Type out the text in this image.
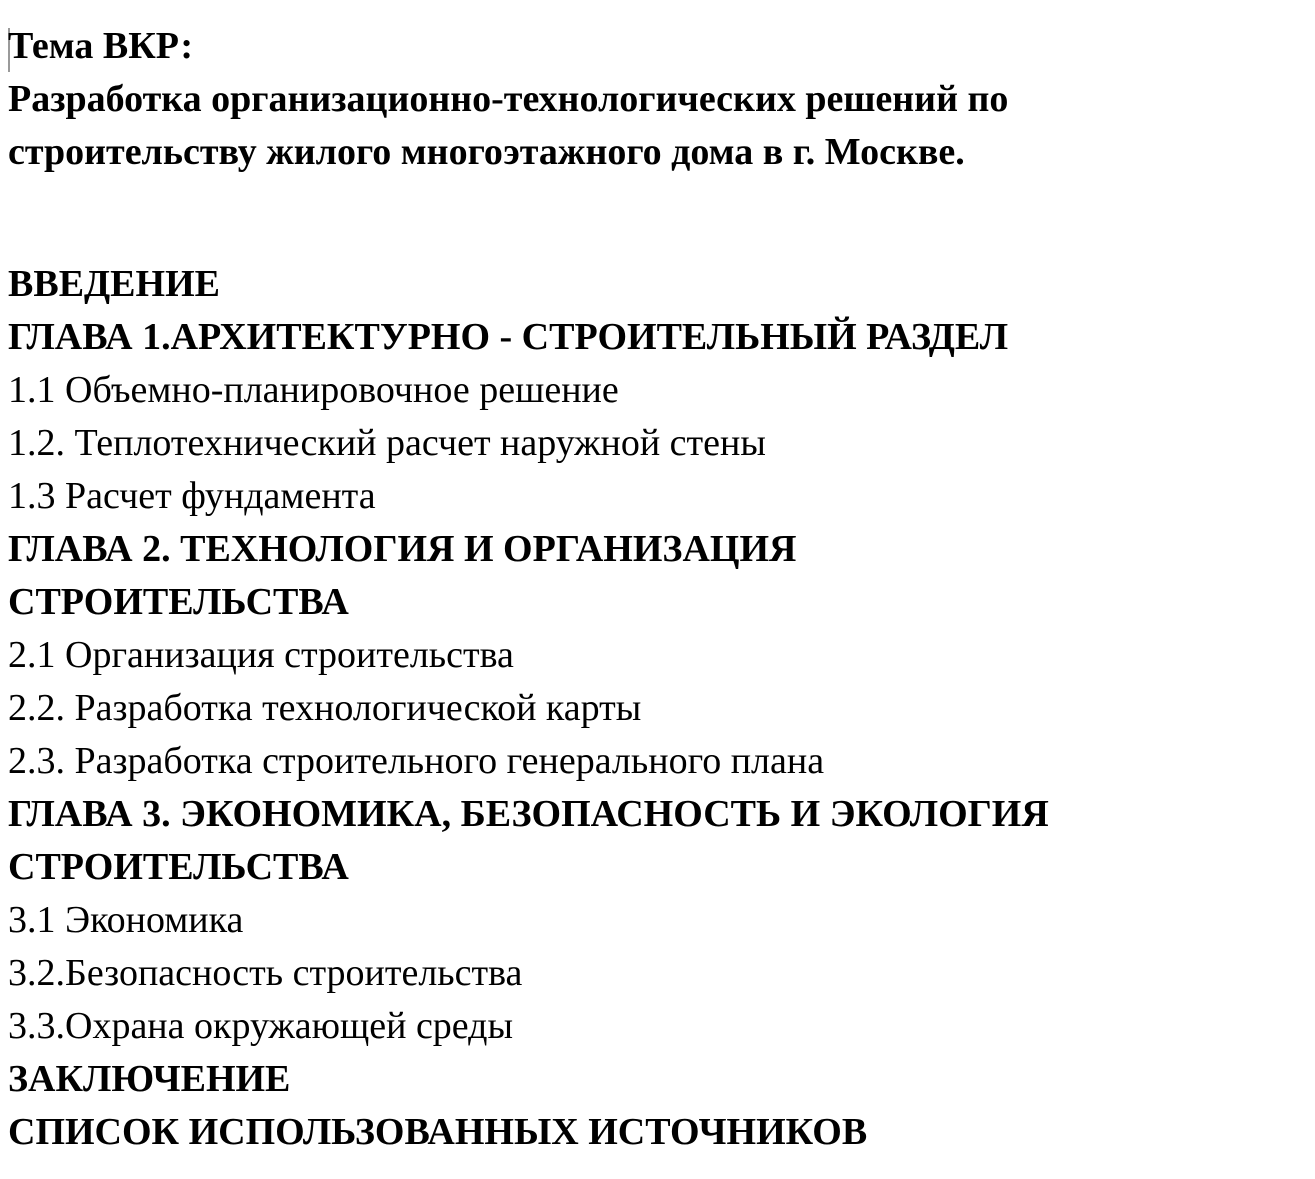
Тема ВКР:

Разработка организационно-технологических решений по

строительству жилого многоэтажного дома в г. Москве.

ВВЕДЕНИЕ

ГЛАВА 1.АРХИТЕКТУРНО - СТРОИТЕЛЬНЫЙ РАЗДЕЛ

1.1 Объемно-планировочное решение

1.2. Теплотехнический расчет наружной стены

1.3 Расчет фундамента

ГЛАВА 2. ТЕХНОЛОГИЯ И ОРГАНИЗАЦИЯ

СТРОИТЕЛЬСТВА

2.1 Организация строительства

2.2. Разработка технологической карты

2.3. Разработка строительного генерального плана

ГЛАВА 3. ЭКОНОМИКА, БЕЗОПАСНОСТЬ И ЭКОЛОГИЯ

СТРОИТЕЛЬСТВА

3.1 Экономика

3.2.Безопасность строительства

3.3.Охрана окружающей среды

ЗАКЛЮЧЕНИЕ

СПИСОК ИСПОЛЬЗОВАННЫХ ИСТОЧНИКОВ
